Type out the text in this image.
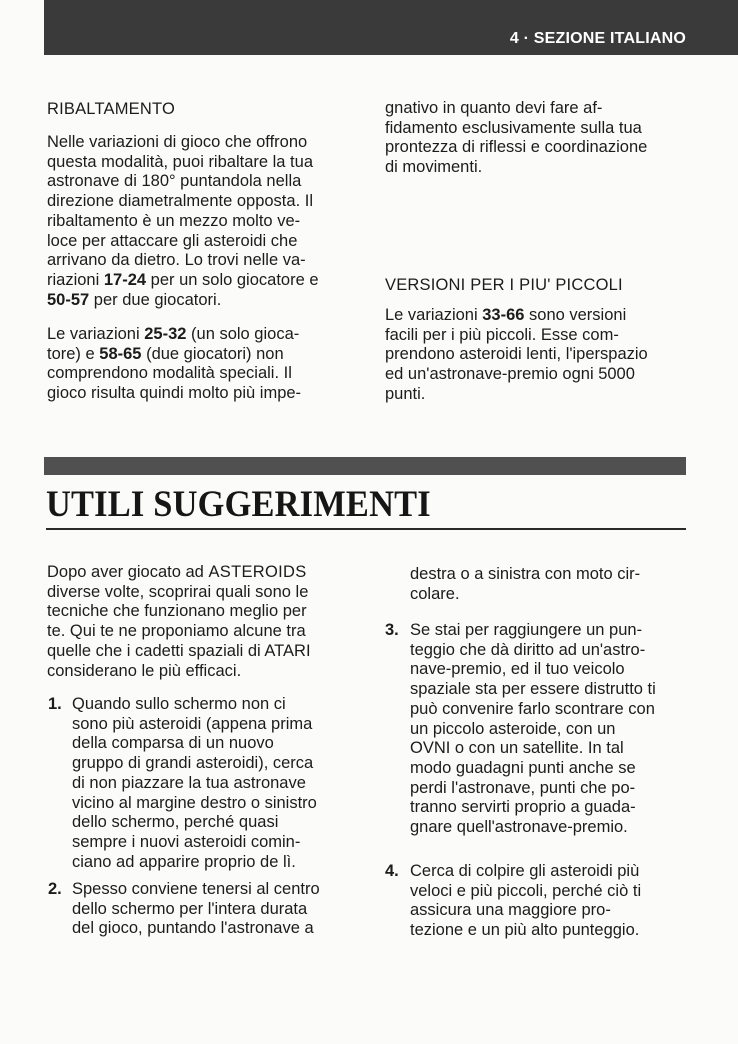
4 · SEZIONE ITALIANO
RIBALTAMENTO

Nelle variazioni di gioco che offrono
questa modalità, puoi ribaltare la tua
astronave di 180° puntandola nella
direzione diametralmente opposta. Il
ribaltamento è un mezzo molto ve-
loce per attaccare gli asteroidi che
arrivano da dietro. Lo trovi nelle va-
riazioni 17-24 per un solo giocatore e
50-57 per due giocatori.

Le variazioni 25-32 (un solo gioca-
tore) e 58-65 (due giocatori) non
comprendono modalità speciali. Il
gioco risulta quindi molto più impe-

gnativo in quanto devi fare af-
fidamento esclusivamente sulla tua
prontezza di riflessi e coordinazione
di movimenti.

VERSIONI PER I PIU' PICCOLI

Le variazioni 33-66 sono versioni
facili per i più piccoli. Esse com-
prendono asteroidi lenti, l'iperspazio
ed un'astronave-premio ogni 5000
punti.

UTILI SUGGERIMENTI

Dopo aver giocato ad ASTEROIDS
diverse volte, scoprirai quali sono le
tecniche che funzionano meglio per
te. Qui te ne proponiamo alcune tra
quelle che i cadetti spaziali di ATARI
considerano le più efficaci.

1. Quando sullo schermo non ci
sono più asteroidi (appena prima
della comparsa di un nuovo
gruppo di grandi asteroidi), cerca
di non piazzare la tua astronave
vicino al margine destro o sinistro
dello schermo, perché quasi
sempre i nuovi asteroidi comin-
ciano ad apparire proprio de lì.

2. Spesso conviene tenersi al centro
dello schermo per l'intera durata
del gioco, puntando l'astronave a

destra o a sinistra con moto cir-
colare.

3. Se stai per raggiungere un pun-
teggio che dà diritto ad un'astro-
nave-premio, ed il tuo veicolo
spaziale sta per essere distrutto ti
può convenire farlo scontrare con
un piccolo asteroide, con un
OVNI o con un satellite. In tal
modo guadagni punti anche se
perdi l'astronave, punti che po-
tranno servirti proprio a guada-
gnare quell'astronave-premio.

4. Cerca di colpire gli asteroidi più
veloci e più piccoli, perché ciò ti
assicura una maggiore pro-
tezione e un più alto punteggio.
